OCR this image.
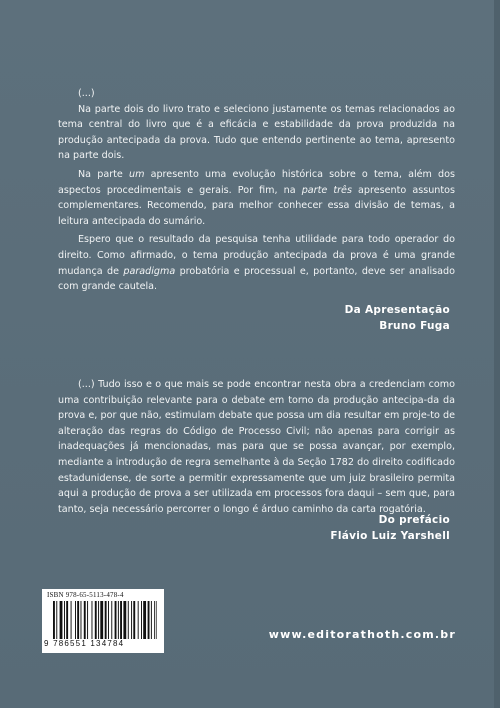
(...)

Na parte dois do livro trato e seleciono justamente os temas relacionados ao tema central do livro que é a eficácia e estabilidade da prova produzida na produção antecipada da prova. Tudo que entendo pertinente ao tema, apresento na parte dois.

Na parte um apresento uma evolução histórica sobre o tema, além dos aspectos procedimentais e gerais. Por fim, na parte três apresento assuntos complementares. Recomendo, para melhor conhecer essa divisão de temas, a leitura antecipada do sumário.

Espero que o resultado da pesquisa tenha utilidade para todo operador do direito. Como afirmado, o tema produção antecipada da prova é uma grande mudança de paradigma probatória e processual e, portanto, deve ser analisado com grande cautela.

Da Apresentação
Bruno Fuga

(...) Tudo isso e o que mais se pode encontrar nesta obra a credenciam como uma contribuição relevante para o debate em torno da produção antecipa-da da prova e, por que não, estimulam debate que possa um dia resultar em proje-to de alteração das regras do Código de Processo Civil; não apenas para corrigir as inadequações já mencionadas, mas para que se possa avançar, por exemplo, mediante a introdução de regra semelhante à da Seção 1782 do direito codificado estadunidense, de sorte a permitir expressamente que um juiz brasileiro permita aqui a produção de prova a ser utilizada em processos fora daqui – sem que, para tanto, seja necessário percorrer o longo é árduo caminho da carta rogatória.

Do prefácio
Flávio Luiz Yarshell
ISBN 978-65-5113-478-4
9 786551 134784
www.editorathoth.com.br
